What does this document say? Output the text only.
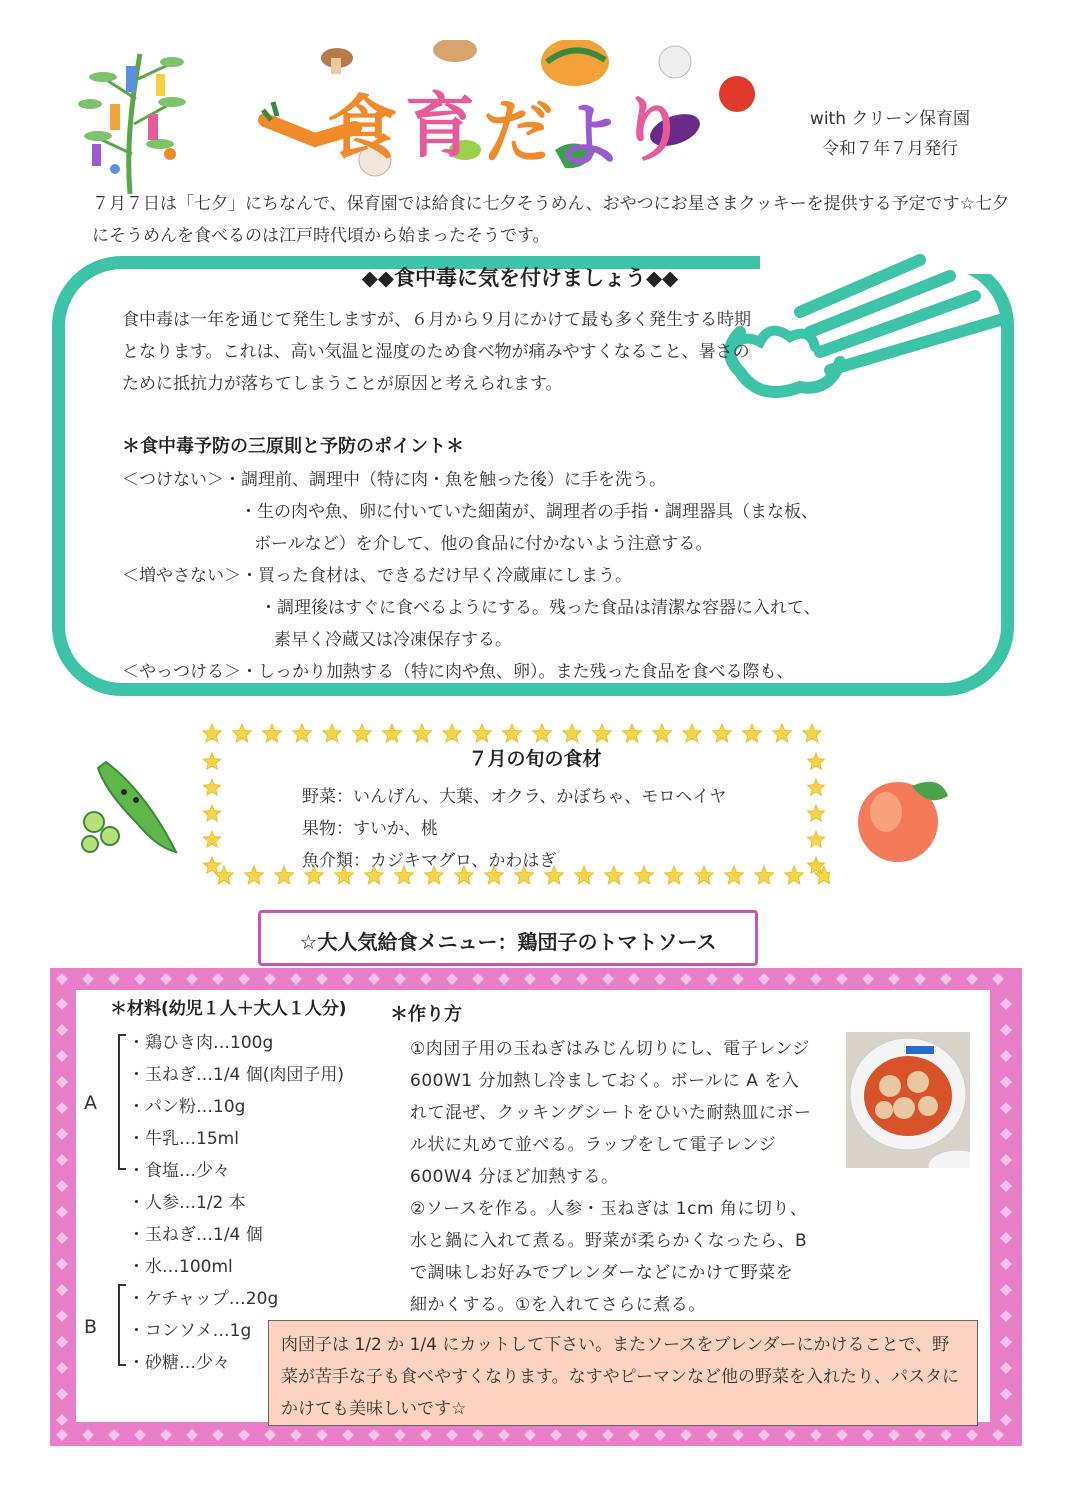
食 育 だ よ
り	with クリーン保育園
令和７年７月発行
７月７日は「七夕」にちなんで、保育園では給食に七夕そうめん、おやつにお星さまクッキーを提供する予定です☆七夕にそうめんを食べるのは江戸時代頃から始まったそうです。
◆◆食中毒に気を付けましょう◆◆
食中毒は一年を通じて発生しますが、６月から９月にかけて最も多く発生する時期となります。これは、高い気温と湿度のため食べ物が痛みやすくなること、暑さのために抵抗力が落ちてしまうことが原因と考えられます。
＊食中毒予防の三原則と予防のポイント＊
＜つけない＞・調理前、調理中（特に肉・魚を触った後）に手を洗う。
・生の肉や魚、卵に付いていた細菌が、調理者の手指・調理器具（まな板、
ボールなど）を介して、他の食品に付かないよう注意する。
＜増やさない＞・買った食材は、できるだけ早く冷蔵庫にしまう。
・調理後はすぐに食べるようにする。残った食品は清潔な容器に入れて、
素早く冷蔵又は冷凍保存する。
＜やっつける＞・しっかり加熱する（特に肉や魚、卵）。また残った食品を食べる際も、
７月の旬の食材
野菜：いんげん、大葉、オクラ、かぼちゃ、モロヘイヤ
果物：すいか、桃
魚介類：カジキマグロ、かわはぎ
☆大人気給食メニュー：鶏団子のトマトソース
＊材料(幼児１人＋大人１人分)
A
B
・鶏ひき肉…100g
・玉ねぎ…1/4 個(肉団子用)
・パン粉…10g
・牛乳…15ml
・食塩…少々
・人参…1/2 本
・玉ねぎ…1/4 個
・水…100ml
・ケチャップ…20g
・コンソメ…1g
・砂糖…少々
＊作り方
①肉団子用の玉ねぎはみじん切りにし、電子レンジ
600W1 分加熱し冷ましておく。ボールに A を入
れて混ぜ、クッキングシートをひいた耐熱皿にボー
ル状に丸めて並べる。ラップをして電子レンジ
600W4 分ほど加熱する。
②ソースを作る。人参・玉ねぎは 1cm 角に切り、
水と鍋に入れて煮る。野菜が柔らかくなったら、B
で調味しお好みでブレンダーなどにかけて野菜を
細かくする。①を入れてさらに煮る。
肉団子は 1/2 か 1/4 にカットして下さい。またソースをブレンダーにかけることで、野菜が苦手な子も食べやすくなります。なすやピーマンなど他の野菜を入れたり、パスタにかけても美味しいです☆
